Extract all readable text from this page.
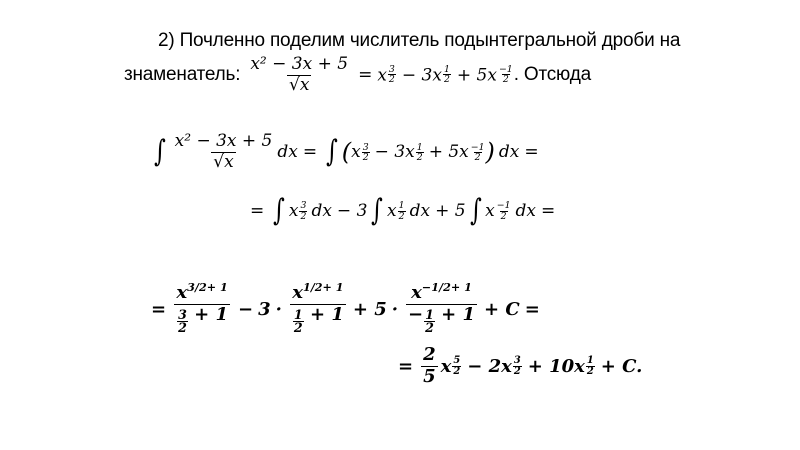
2) Почленно поделим числитель подынтегральной дроби на
знаменатель: $\frac{\text{x² − 3x + 5}}{√x} = x \frac{3}{2} - 3x \frac{1}{2} + 5x \frac{-1}{2}$ . Отсюда
∫ $\frac{\text{x² − 3x + 5}}{√x}$ dx = ∫ ( x 3
2 − 3x 1
2 + 5x −1
2 ) dx =
= ∫ x 3
2 dx − 3 ∫ x 1
2 dx + 5 ∫ x −1
2 dx =
= $\frac{x^{3/2+ 1}}{\frac{3}{2} + 1} - 3 \cdot \frac{x^{1/2+ 1}}{\frac{1}{2} + 1} + 5 \cdot \frac{x^{-1/2+ 1}}{- \frac{1}{2} + 1} + C$ =
= $\frac{2}{5}$ x 5
2 − 2x 3
2 + 10x 1
2 + C.
